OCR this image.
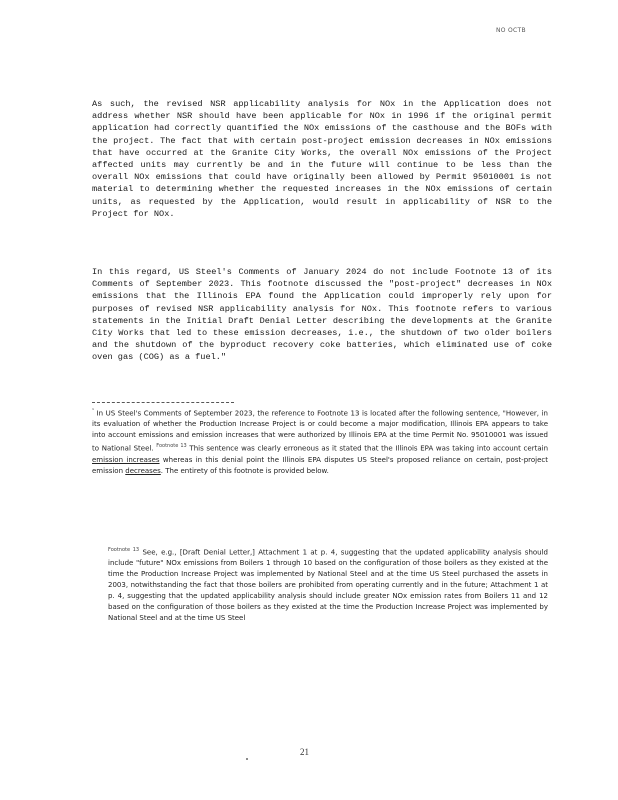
NO OCTB

As such, the revised NSR applicability analysis for NOx in the Application does not address whether NSR should have been applicable for NOx in 1996 if the original permit application had correctly quantified the NOx emissions of the casthouse and the BOFs with the project. The fact that with certain post-project emission decreases in NOx emissions that have occurred at the Granite City Works, the overall NOx emissions of the Project affected units may currently be and in the future will continue to be less than the overall NOx emissions that could have originally been allowed by Permit 95010001 is not material to determining whether the requested increases in the NOx emissions of certain units, as requested by the Application, would result in applicability of NSR to the Project for NOx.

In this regard, US Steel's Comments of January 2024 do not include Footnote 13 of its Comments of September 2023. This footnote discussed the "post-project" decreases in NOx emissions that the Illinois EPA found the Application could improperly rely upon for purposes of revised NSR applicability analysis for NOx. This footnote refers to various statements in the Initial Draft Denial Letter describing the developments at the Granite City Works that led to these emission decreases, i.e., the shutdown of two older boilers and the shutdown of the byproduct recovery coke batteries, which eliminated use of coke oven gas (COG) as a fuel."

$^{^1}$ In US Steel's Comments of September 2023, the reference to Footnote 13 is located after the following sentence, "However, in its evaluation of whether the Production Increase Project is or could become a major modification, Illinois EPA appears to take into account emissions and emission increases that were authorized by Illinois EPA at the time Permit No. 95010001 was issued to National Steel. $^{Footnote 13}$ This sentence was clearly erroneous as it stated that the Illinois EPA was taking into account certain emission increases whereas in this denial point the Illinois EPA disputes US Steel's proposed reliance on certain, post-project emission decreases. The entirety of this footnote is provided below.

$^{Footnote 13}$ See, e.g., [Draft Denial Letter,] Attachment 1 at p. 4, suggesting that the updated applicability analysis should include "future" NOx emissions from Boilers 1 through 10 based on the configuration of those boilers as they existed at the time the Production Increase Project was implemented by National Steel and at the time US Steel purchased the assets in 2003, notwithstanding the fact that those boilers are prohibited from operating currently and in the future; Attachment 1 at p. 4, suggesting that the updated applicability analysis should include greater NOx emission rates from Boilers 11 and 12 based on the configuration of those boilers as they existed at the time the Production Increase Project was implemented by National Steel and at the time US Steel

21
